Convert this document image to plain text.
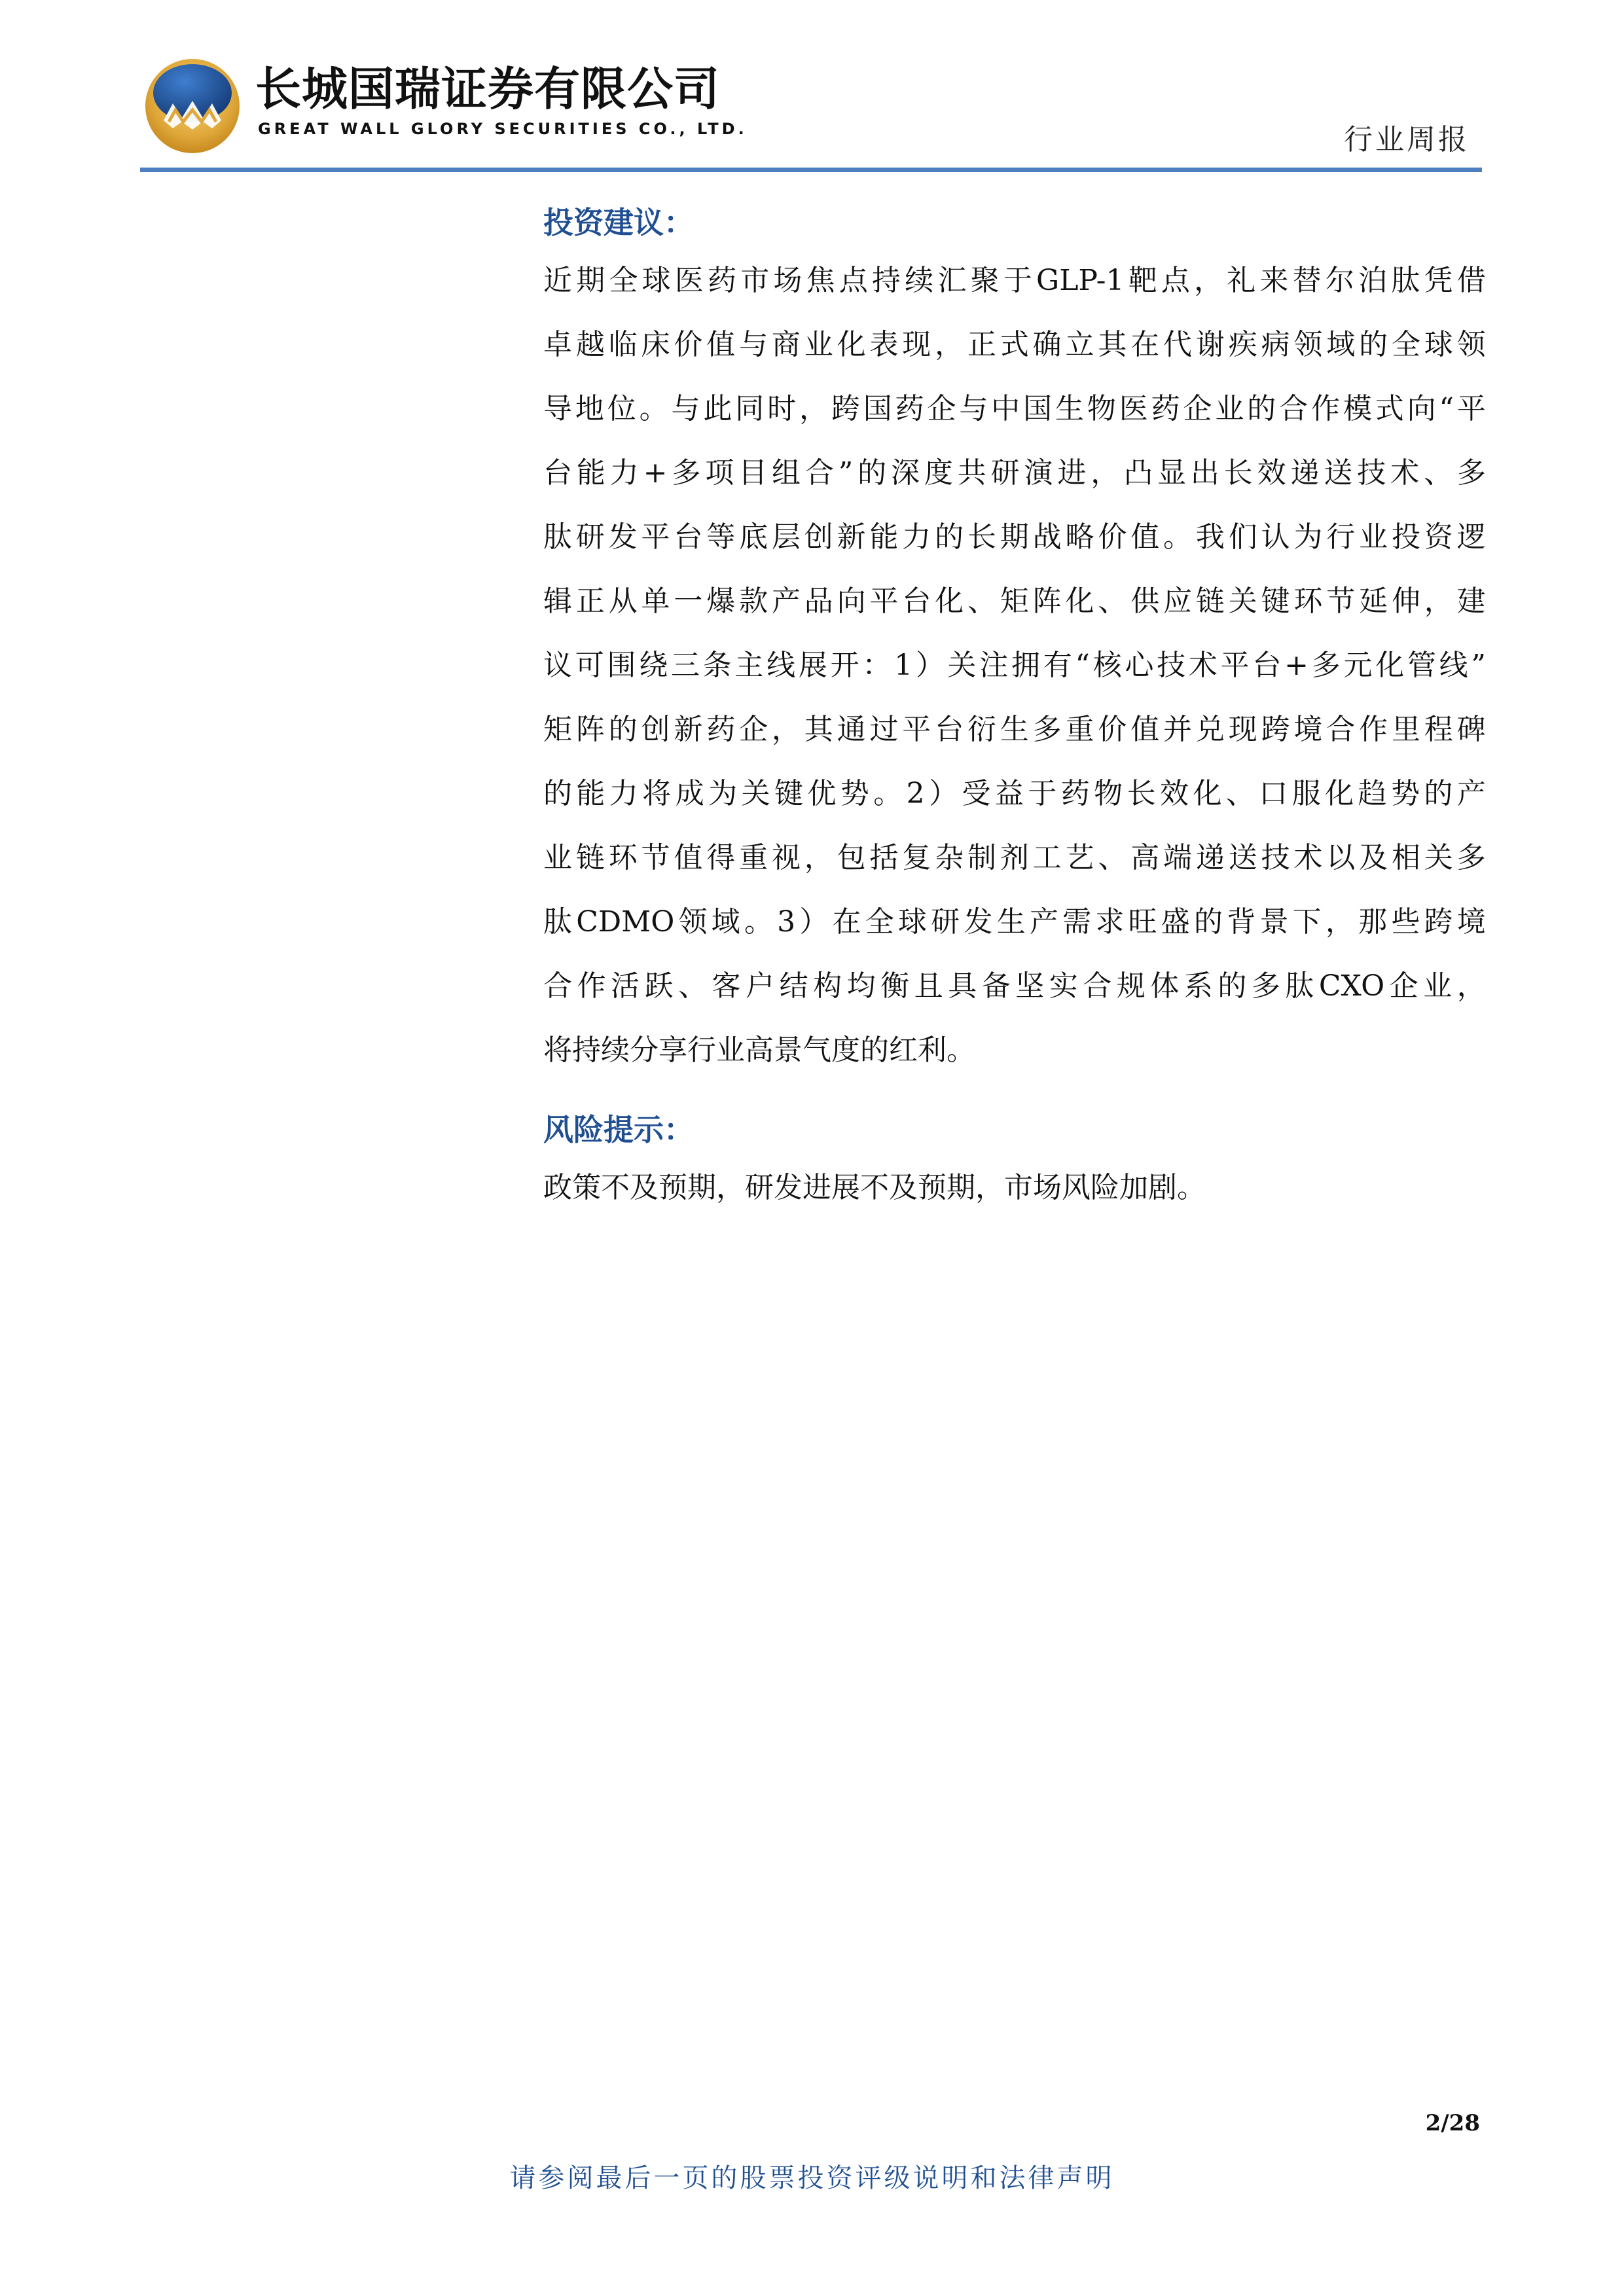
长城国瑞证券有限公司
GREAT WALL GLORY SECURITIES CO., LTD.	行业周报
投资建议：
近 期 全 球 医 药 市 场 焦 点 持 续 汇 聚 于 GLP-1 靶 点 ， 礼 来 替 尔 泊 肽 凭 借
卓 越 临 床 价 值 与 商 业 化 表 现 ， 正 式 确 立 其 在 代 谢 疾 病 领 域 的 全 球 领
导 地 位 。 与 此 同 时 ， 跨 国 药 企 与 中 国 生 物 医 药 企 业 的 合 作 模 式 向 “ 平
台 能 力 + 多 项 目 组 合 ” 的 深 度 共 研 演 进 ， 凸 显 出 长 效 递 送 技 术 、 多
肽 研 发 平 台 等 底 层 创 新 能 力 的 长 期 战 略 价 值 。 我 们 认 为 行 业 投 资 逻
辑 正 从 单 一 爆 款 产 品 向 平 台 化 、 矩 阵 化 、 供 应 链 关 键 环 节 延 伸 ， 建
议 可 围 绕 三 条 主 线 展 开 ： 1 ） 关 注 拥 有 “ 核 心 技 术 平 台 + 多 元 化 管 线 ”
矩 阵 的 创 新 药 企 ， 其 通 过 平 台 衍 生 多 重 价 值 并 兑 现 跨 境 合 作 里 程 碑
的 能 力 将 成 为 关 键 优 势 。 2 ） 受 益 于 药 物 长 效 化 、 口 服 化 趋 势 的 产
业 链 环 节 值 得 重 视 ， 包 括 复 杂 制 剂 工 艺 、 高 端 递 送 技 术 以 及 相 关 多
肽 CDMO 领 域 。 3 ） 在 全 球 研 发 生 产 需 求 旺 盛 的 背 景 下 ， 那 些 跨 境
合 作 活 跃 、 客 户 结 构 均 衡 且 具 备 坚 实 合 规 体 系 的 多 肽 CXO 企 业 ，
将持续分享行业高景气度的红利。
风险提示：
政策不及预期，研发进展不及预期，市场风险加剧。
2/28
请参阅最后一页的股票投资评级说明和法律声明
